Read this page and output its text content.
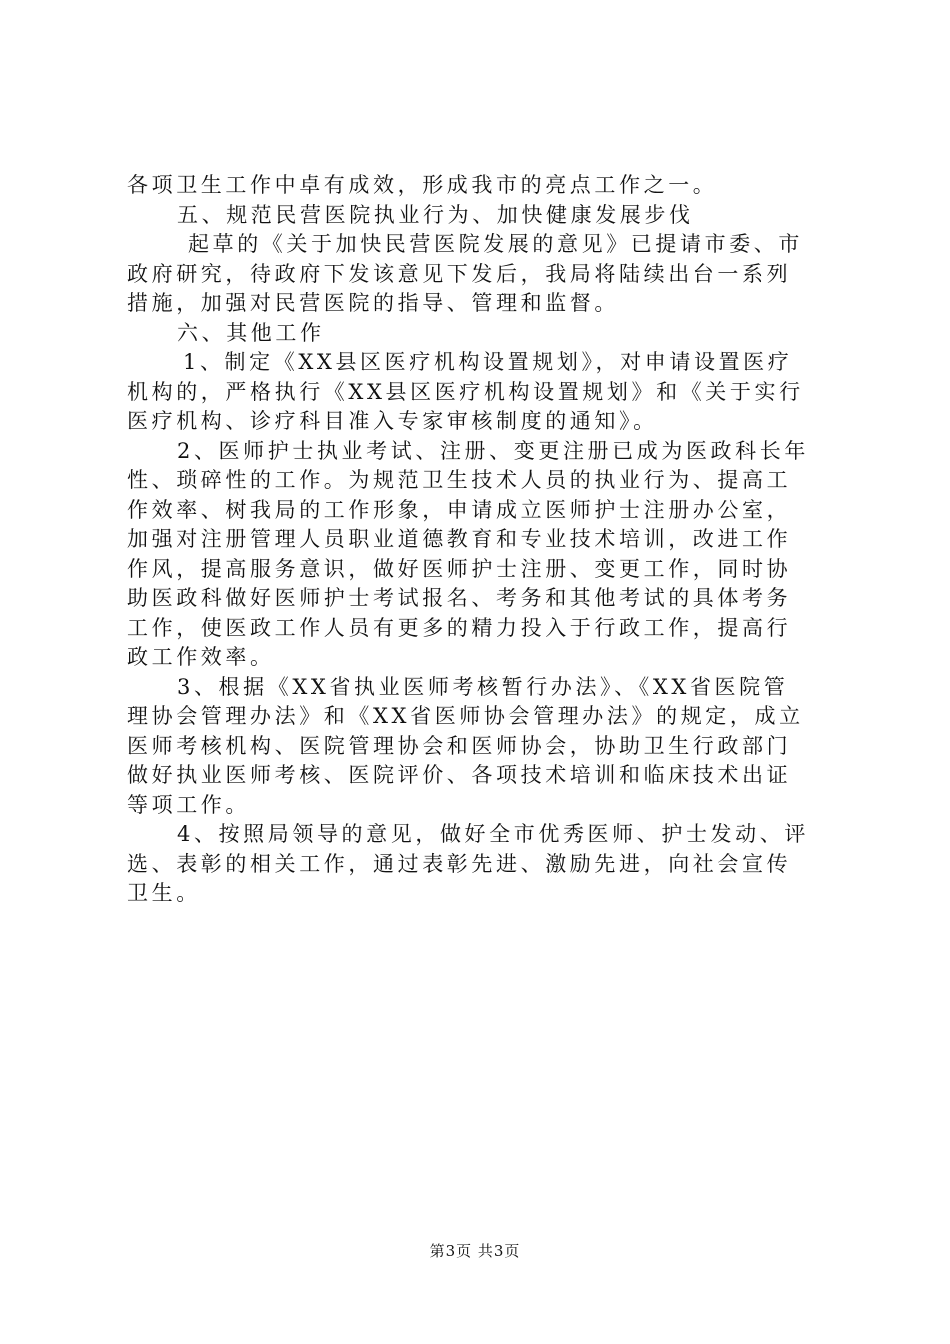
各项卫生工作中卓有成效，形成我市的亮点工作之一。
五、规范民营医院执业行为、加快健康发展步伐
起草的《关于加快民营医院发展的意见》已提请市委、市
政府研究，待政府下发该意见下发后，我局将陆续出台一系列
措施，加强对民营医院的指导、管理和监督。
六、其他工作
1、制定《XX县区医疗机构设置规划》，对申请设置医疗
机构的，严格执行《XX县区医疗机构设置规划》和《关于实行
医疗机构、诊疗科目准入专家审核制度的通知》。
2、医师护士执业考试、注册、变更注册已成为医政科长年
性、琐碎性的工作。为规范卫生技术人员的执业行为、提高工
作效率、树我局的工作形象，申请成立医师护士注册办公室，
加强对注册管理人员职业道德教育和专业技术培训，改进工作
作风，提高服务意识，做好医师护士注册、变更工作，同时协
助医政科做好医师护士考试报名、考务和其他考试的具体考务
工作，使医政工作人员有更多的精力投入于行政工作，提高行
政工作效率。
3、根据《XX省执业医师考核暂行办法》、《XX省医院管
理协会管理办法》和《XX省医师协会管理办法》的规定，成立
医师考核机构、医院管理协会和医师协会，协助卫生行政部门
做好执业医师考核、医院评价、各项技术培训和临床技术出证
等项工作。
4、按照局领导的意见，做好全市优秀医师、护士发动、评
选、表彰的相关工作，通过表彰先进、激励先进，向社会宣传
卫生。
第3页 共3页
